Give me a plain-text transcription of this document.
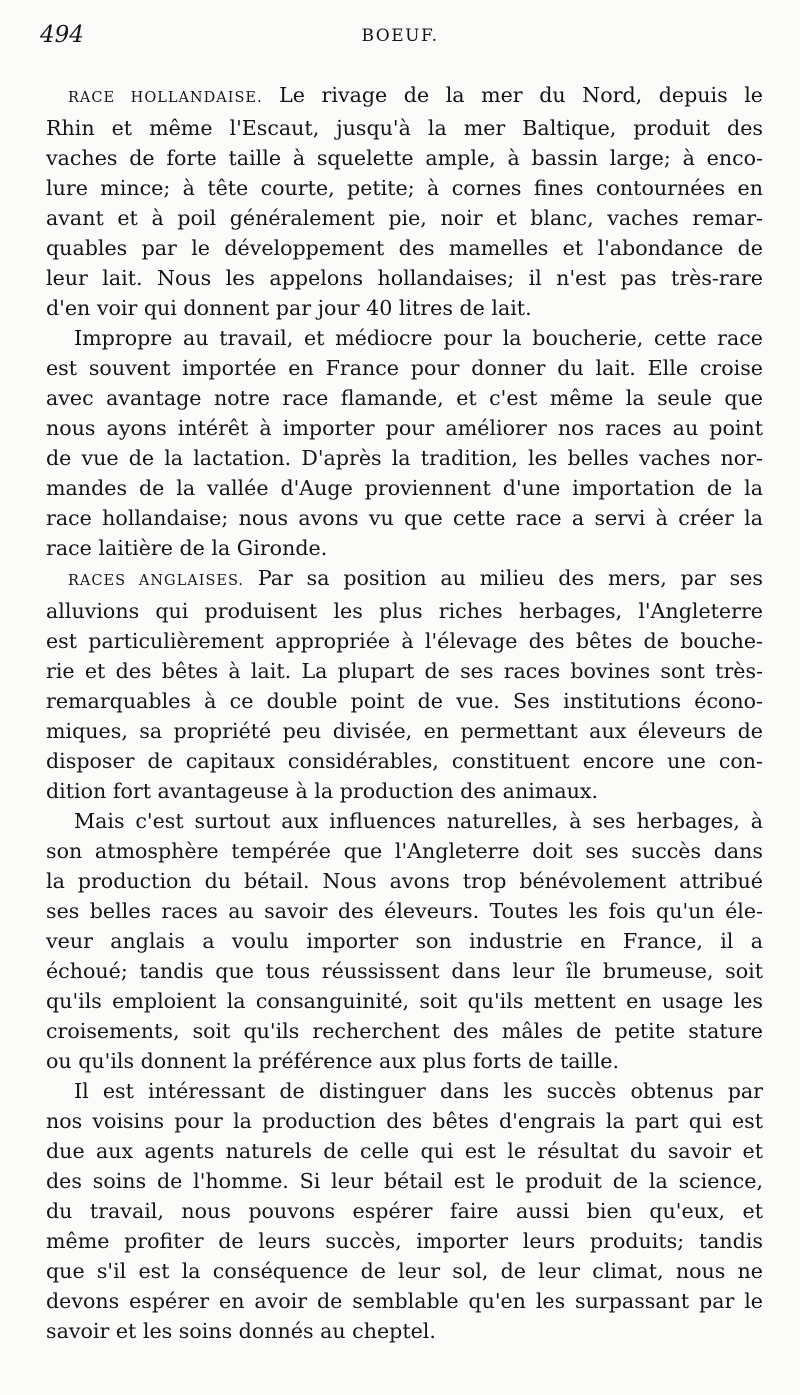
494	BOEUF.
RACE HOLLANDAISE. Le rivage de la mer du Nord, depuis le
Rhin et même l'Escaut, jusqu'à la mer Baltique, produit des
vaches de forte taille à squelette ample, à bassin large; à enco-
lure mince; à tête courte, petite; à cornes fines contournées en
avant et à poil généralement pie, noir et blanc, vaches remar-
quables par le développement des mamelles et l'abondance de
leur lait. Nous les appelons hollandaises; il n'est pas très-rare
d'en voir qui donnent par jour 40 litres de lait.
Impropre au travail, et médiocre pour la boucherie, cette race
est souvent importée en France pour donner du lait. Elle croise
avec avantage notre race flamande, et c'est même la seule que
nous ayons intérêt à importer pour améliorer nos races au point
de vue de la lactation. D'après la tradition, les belles vaches nor-
mandes de la vallée d'Auge proviennent d'une importation de la
race hollandaise; nous avons vu que cette race a servi à créer la
race laitière de la Gironde.
RACES ANGLAISES. Par sa position au milieu des mers, par ses
alluvions qui produisent les plus riches herbages, l'Angleterre
est particulièrement appropriée à l'élevage des bêtes de bouche-
rie et des bêtes à lait. La plupart de ses races bovines sont très-
remarquables à ce double point de vue. Ses institutions écono-
miques, sa propriété peu divisée, en permettant aux éleveurs de
disposer de capitaux considérables, constituent encore une con-
dition fort avantageuse à la production des animaux.
Mais c'est surtout aux influences naturelles, à ses herbages, à
son atmosphère tempérée que l'Angleterre doit ses succès dans
la production du bétail. Nous avons trop bénévolement attribué
ses belles races au savoir des éleveurs. Toutes les fois qu'un éle-
veur anglais a voulu importer son industrie en France, il a
échoué; tandis que tous réussissent dans leur île brumeuse, soit
qu'ils emploient la consanguinité, soit qu'ils mettent en usage les
croisements, soit qu'ils recherchent des mâles de petite stature
ou qu'ils donnent la préférence aux plus forts de taille.
Il est intéressant de distinguer dans les succès obtenus par
nos voisins pour la production des bêtes d'engrais la part qui est
due aux agents naturels de celle qui est le résultat du savoir et
des soins de l'homme. Si leur bétail est le produit de la science,
du travail, nous pouvons espérer faire aussi bien qu'eux, et
même profiter de leurs succès, importer leurs produits; tandis
que s'il est la conséquence de leur sol, de leur climat, nous ne
devons espérer en avoir de semblable qu'en les surpassant par le
savoir et les soins donnés au cheptel.
